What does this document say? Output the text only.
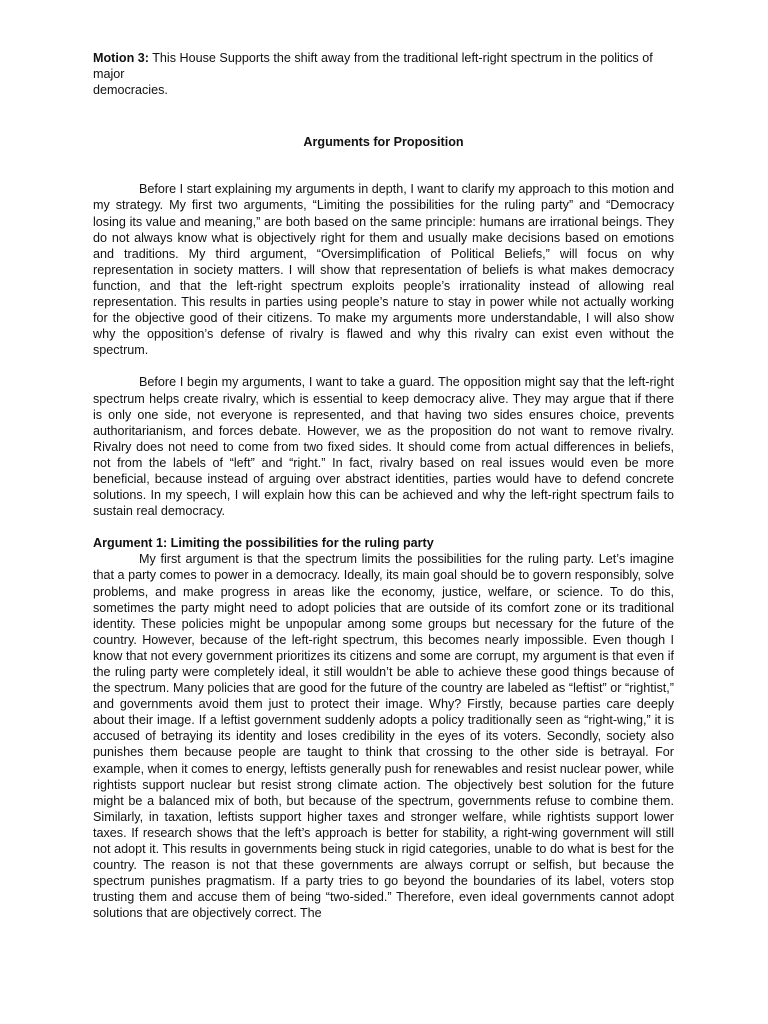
Motion 3: This House Supports the shift away from the traditional left-right spectrum in the politics of major

democracies.

Arguments for Proposition

Before I start explaining my arguments in depth, I want to clarify my approach to this motion and my strategy. My first two arguments, “Limiting the possibilities for the ruling party” and “Democracy losing its value and meaning,” are both based on the same principle: humans are irrational beings. They do not always know what is objectively right for them and usually make decisions based on emotions and traditions. My third argument, “Oversimplification of Political Beliefs,” will focus on why representation in society matters. I will show that representation of beliefs is what makes democracy function, and that the left-right spectrum exploits people’s irrationality instead of allowing real representation. This results in parties using people’s nature to stay in power while not actually working for the objective good of their citizens. To make my arguments more understandable, I will also show why the opposition’s defense of rivalry is flawed and why this rivalry can exist even without the spectrum.

Before I begin my arguments, I want to take a guard. The opposition might say that the left-right spectrum helps create rivalry, which is essential to keep democracy alive. They may argue that if there is only one side, not everyone is represented, and that having two sides ensures choice, prevents authoritarianism, and forces debate. However, we as the proposition do not want to remove rivalry. Rivalry does not need to come from two fixed sides. It should come from actual differences in beliefs, not from the labels of “left” and “right.” In fact, rivalry based on real issues would even be more beneficial, because instead of arguing over abstract identities, parties would have to defend concrete solutions. In my speech, I will explain how this can be achieved and why the left-right spectrum fails to sustain real democracy.

Argument 1: Limiting the possibilities for the ruling party

My first argument is that the spectrum limits the possibilities for the ruling party. Let’s imagine that a party comes to power in a democracy. Ideally, its main goal should be to govern responsibly, solve problems, and make progress in areas like the economy, justice, welfare, or science. To do this, sometimes the party might need to adopt policies that are outside of its comfort zone or its traditional identity. These policies might be unpopular among some groups but necessary for the future of the country. However, because of the left-right spectrum, this becomes nearly impossible. Even though I know that not every government prioritizes its citizens and some are corrupt, my argument is that even if the ruling party were completely ideal, it still wouldn’t be able to achieve these good things because of the spectrum. Many policies that are good for the future of the country are labeled as “leftist” or “rightist,” and governments avoid them just to protect their image. Why? Firstly, because parties care deeply about their image. If a leftist government suddenly adopts a policy traditionally seen as “right-wing,” it is accused of betraying its identity and loses credibility in the eyes of its voters. Secondly, society also punishes them because people are taught to think that crossing to the other side is betrayal. For example, when it comes to energy, leftists generally push for renewables and resist nuclear power, while rightists support nuclear but resist strong climate action. The objectively best solution for the future might be a balanced mix of both, but because of the spectrum, governments refuse to combine them. Similarly, in taxation, leftists support higher taxes and stronger welfare, while rightists support lower taxes. If research shows that the left’s approach is better for stability, a right-wing government will still not adopt it. This results in governments being stuck in rigid categories, unable to do what is best for the country. The reason is not that these governments are always corrupt or selfish, but because the spectrum punishes pragmatism. If a party tries to go beyond the boundaries of its label, voters stop trusting them and accuse them of being “two-sided.” Therefore, even ideal governments cannot adopt solutions that are objectively correct. The
